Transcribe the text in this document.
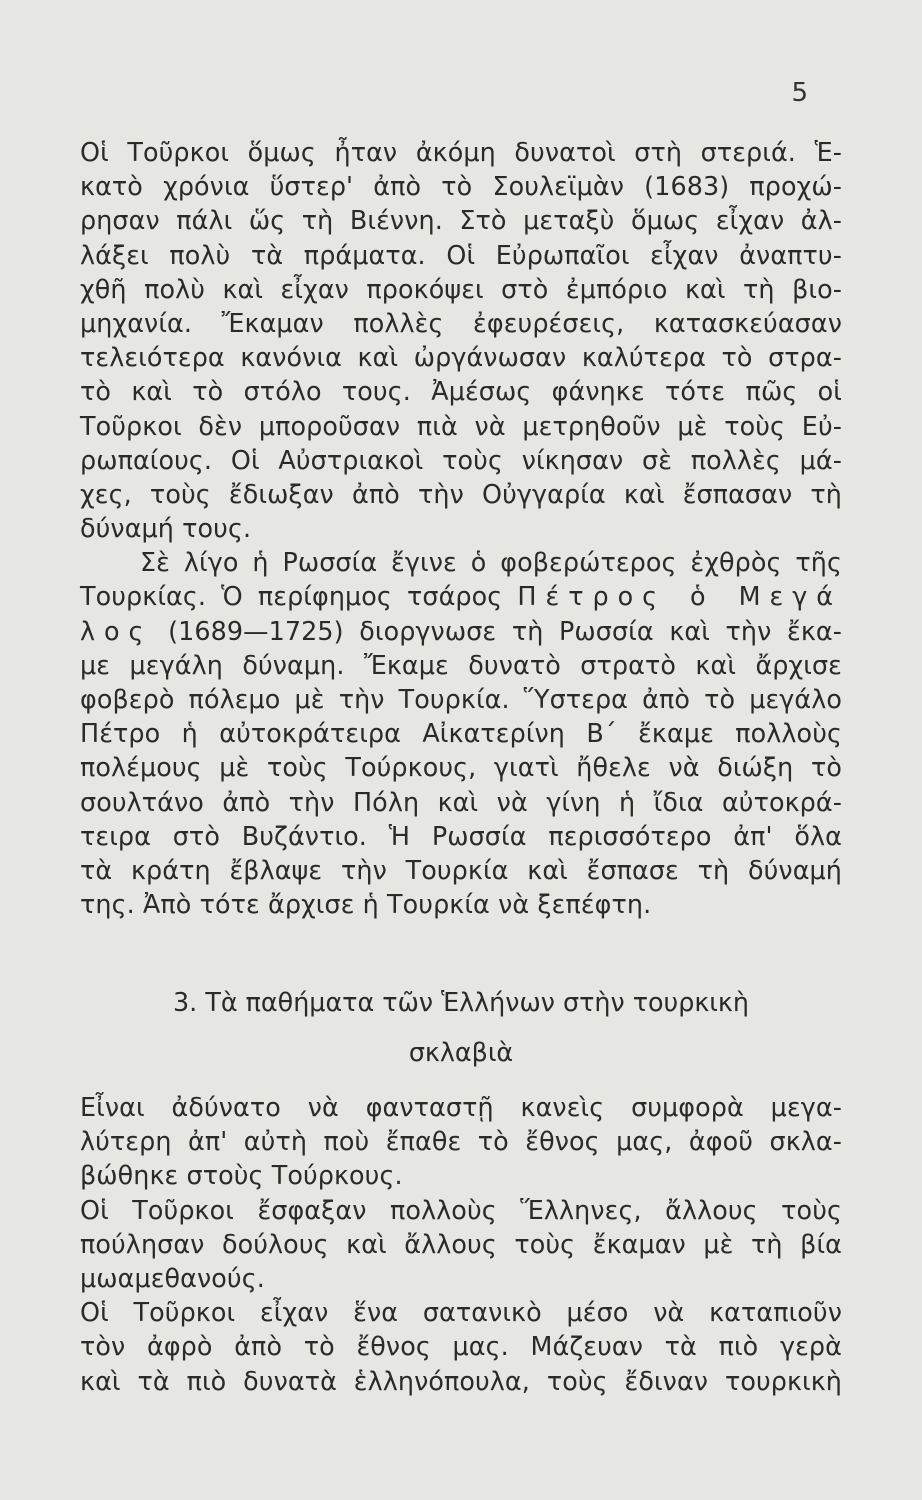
5
Οἱ Τοῦρκοι ὅμως ἦταν ἀκόμη δυνατοὶ στὴ στεριά. Ἑ-
κατὸ χρόνια ὕστερ' ἀπὸ τὸ Σουλεϊμὰν (1683) προχώ-
ρησαν πάλι ὥς τὴ Βιέννη. Στὸ μεταξὺ ὅμως εἶχαν ἀλ-
λάξει πολὺ τὰ πράματα. Οἱ Εὐρωπαῖοι εἶχαν ἀναπτυ-
χθῆ πολὺ καὶ εἶχαν προκόψει στὸ ἐμπόριο καὶ τὴ βιο-
μηχανία. Ἔκαμαν πολλὲς ἐφευρέσεις, κατασκεύασαν
τελειότερα κανόνια καὶ ὠργάνωσαν καλύτερα τὸ στρα-
τὸ καὶ τὸ στόλο τους. Ἀμέσως φάνηκε τότε πῶς οἱ
Τοῦρκοι δὲν μποροῦσαν πιὰ νὰ μετρηθοῦν μὲ τοὺς Εὐ-
ρωπαίους. Οἱ Αὐστριακοὶ τοὺς νίκησαν σὲ πολλὲς μά-
χες, τοὺς ἔδιωξαν ἀπὸ τὴν Οὐγγαρία καὶ ἔσπασαν τὴ
δύναμή τους.
Σὲ λίγο ἡ Ρωσσία ἔγινε ὁ φοβερώτερος ἐχθρὸς τῆς
Τουρκίας. Ὁ περίφημος τσάρος Πέτρος ὁ Μεγά
λος (1689—1725) διοργνωσε τὴ Ρωσσία καὶ τὴν ἔκα-
με μεγάλη δύναμη. Ἔκαμε δυνατὸ στρατὸ καὶ ἄρχισε
φοβερὸ πόλεμο μὲ τὴν Τουρκία. Ὕστερα ἀπὸ τὸ μεγάλο
Πέτρο ἡ αὐτοκράτειρα Αἰκατερίνη Β΄ ἔκαμε πολλοὺς
πολέμους μὲ τοὺς Τούρκους, γιατὶ ἤθελε νὰ διώξη τὸ
σουλτάνο ἀπὸ τὴν Πόλη καὶ νὰ γίνη ἡ ἴδια αὐτοκρά-
τειρα στὸ Βυζάντιο. Ἡ Ρωσσία περισσότερο ἀπ' ὅλα
τὰ κράτη ἔβλαψε τὴν Τουρκία καὶ ἔσπασε τὴ δύναμή
της. Ἀπὸ τότε ἄρχισε ἡ Τουρκία νὰ ξεπέφτη.
3. Τὰ παθήματα τῶν Ἑλλήνων στὴν τουρκικὴ
σκλαβιὰ
Εἶναι ἀδύνατο νὰ φανταστῇ κανεὶς συμφορὰ μεγα-
λύτερη ἀπ' αὐτὴ ποὺ ἔπαθε τὸ ἔθνος μας, ἀφοῦ σκλα-
βώθηκε στοὺς Τούρκους.
Οἱ Τοῦρκοι ἔσφαξαν πολλοὺς Ἕλληνες, ἄλλους τοὺς
πούλησαν δούλους καὶ ἄλλους τοὺς ἔκαμαν μὲ τὴ βία
μωαμεθανούς.
Οἱ Τοῦρκοι εἶχαν ἕνα σατανικὸ μέσο νὰ καταπιοῦν
τὸν ἀφρὸ ἀπὸ τὸ ἔθνος μας. Μάζευαν τὰ πιὸ γερὰ
καὶ τὰ πιὸ δυνατὰ ἑλληνόπουλα, τοὺς ἔδιναν τουρκικὴ
